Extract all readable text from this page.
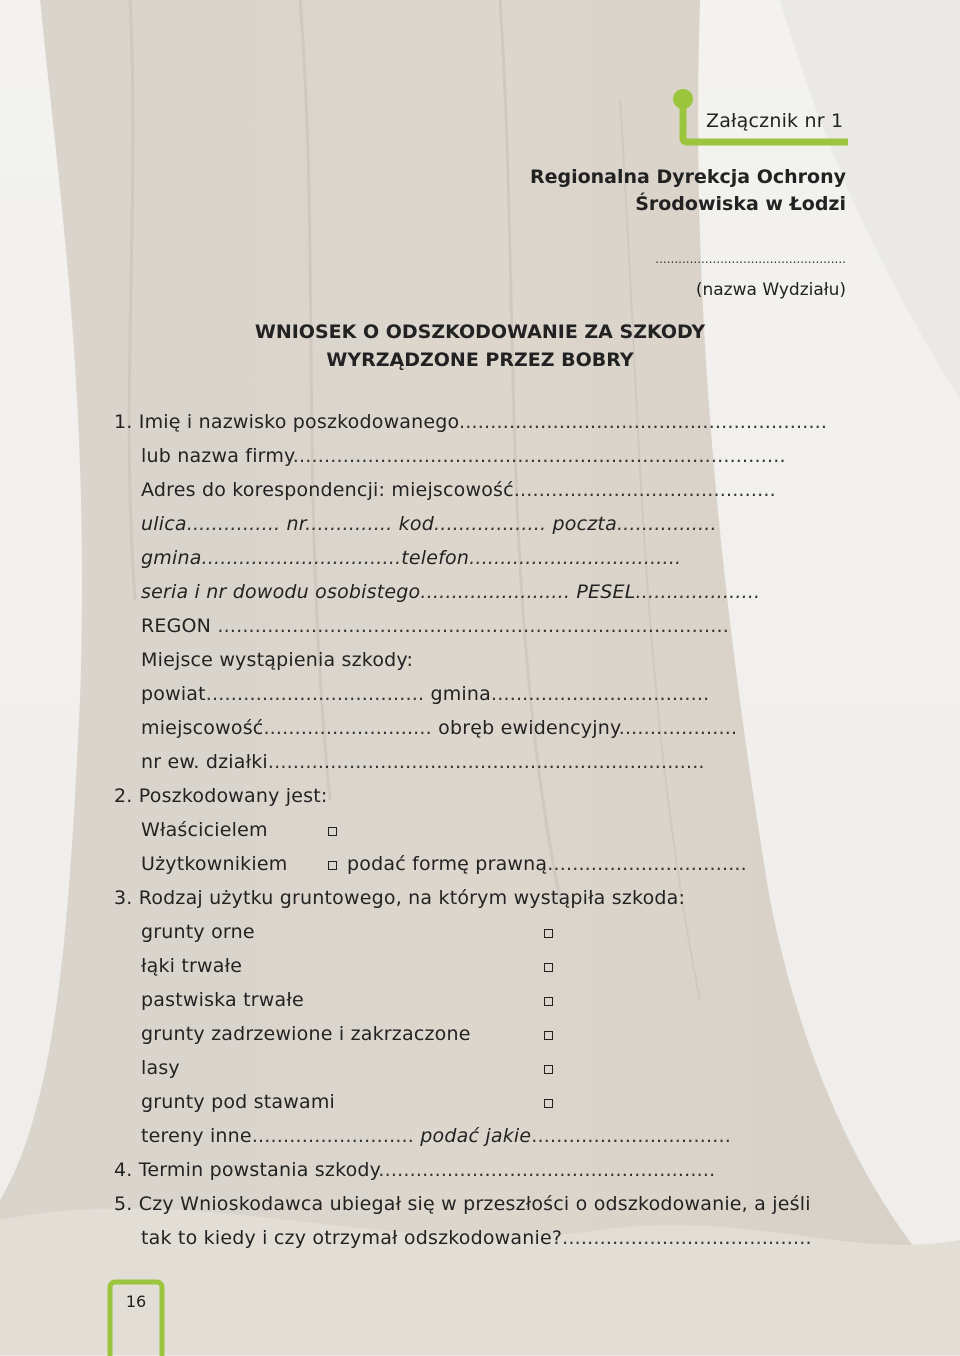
Załącznik nr 1
Regionalna Dyrekcja Ochrony
Środowiska w Łodzi
..................................................
(nazwa Wydziału)
WNIOSEK O ODSZKODOWANIE ZA SZKODY
WYRZĄDZONE PRZEZ BOBRY
1. Imię i nazwisko poszkodowanego...........................................................
lub nazwa firmy...............................................................................
Adres do korespondencji: miejscowość..........................................
ulica............... nr.............. kod.................. poczta................
gmina................................telefon..................................
seria i nr dowodu osobistego........................ PESEL....................
REGON ..................................................................................
Miejsce wystąpienia szkody:
powiat................................... gmina...................................
miejscowość........................... obręb ewidencyjny...................
nr ew. działki......................................................................
2. Poszkodowany jest:
Właścicielem
Użytkownikiem	podać formę prawną................................
3. Rodzaj użytku gruntowego, na którym wystąpiła szkoda:
grunty orne
łąki trwałe
pastwiska trwałe
grunty zadrzewione i zakrzaczone
lasy
grunty pod stawami
tereny inne.......................... podać jakie................................
4. Termin powstania szkody......................................................
5. Czy Wnioskodawca ubiegał się w przeszłości o odszkodowanie, a jeśli
tak to kiedy i czy otrzymał odszkodowanie?........................................
16
